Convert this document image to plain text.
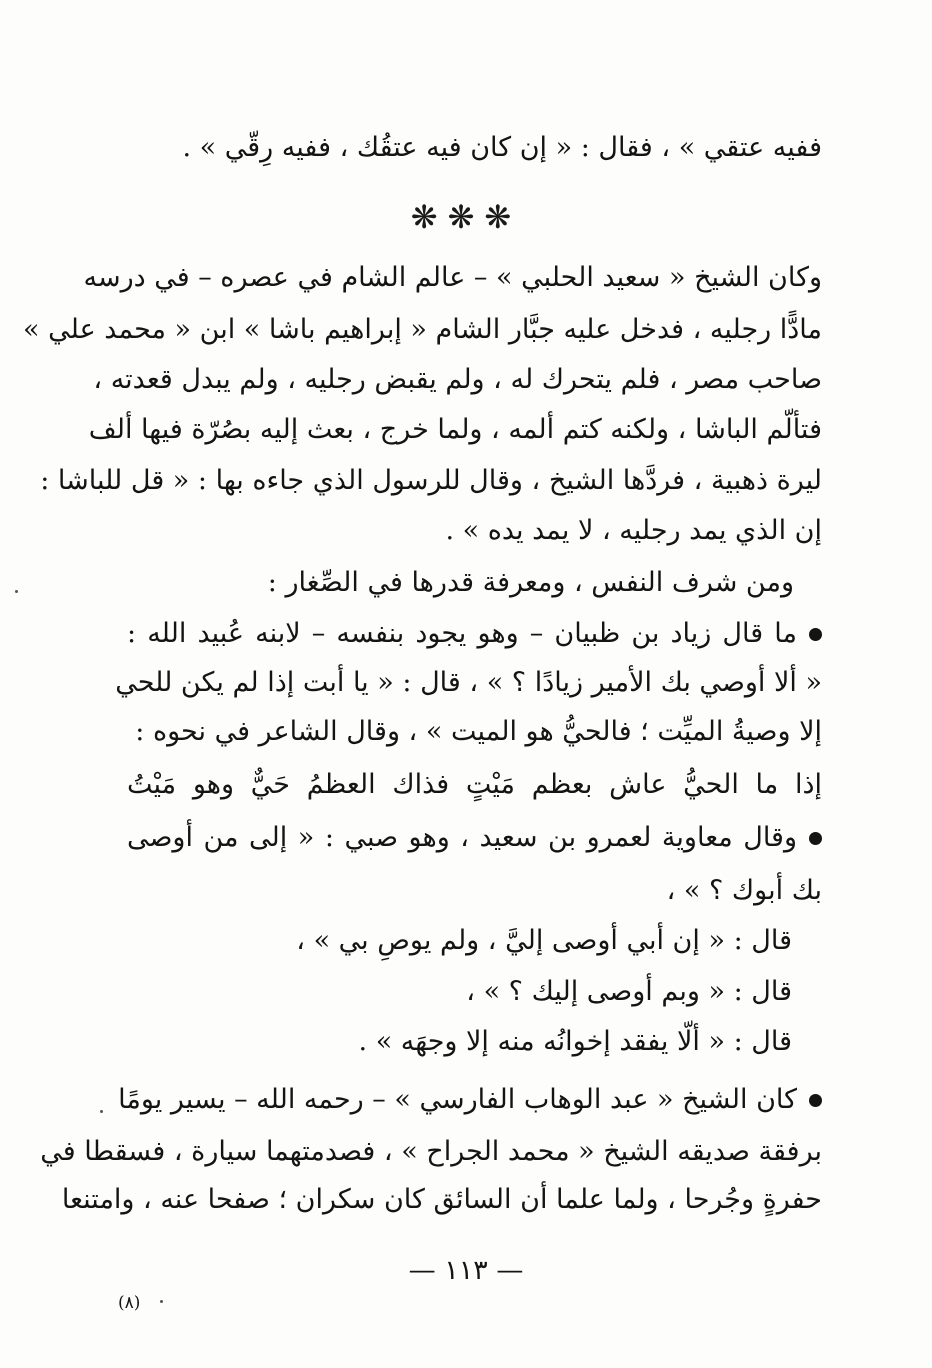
ففيه عتقي » ، فقال : « إن كان فيه عتقُك ، ففيه رِقّي » .
❋❋❋
وكان الشيخ « سعيد الحلبي » – عالم الشام في عصره – في درسه
مادًّا رجليه ، فدخل عليه جبَّار الشام « إبراهيم باشا » ابن « محمد علي »
صاحب مصر ، فلم يتحرك له ، ولم يقبض رجليه ، ولم يبدل قعدته ،
فتألّم الباشا ، ولكنه كتم ألمه ، ولما خرج ، بعث إليه بصُرّة فيها ألف
ليرة ذهبية ، فردَّها الشيخ ، وقال للرسول الذي جاءه بها : « قل للباشا :
إن الذي يمد رجليه ، لا يمد يده » .
ومن شرف النفس ، ومعرفة قدرها في الصِّغار :
ما قال زياد بن ظبيان – وهو يجود بنفسه – لابنه عُبيد الله :
« ألا أوصي بك الأمير زيادًا ؟ » ، قال : « يا أبت إذا لم يكن للحي
إلا وصيةُ الميِّت ؛ فالحيُّ هو الميت » ، وقال الشاعر في نحوه :
إذا ما الحيُّ عاش بعظم مَيْتٍ فذاك العظمُ حَيٌّ وهو مَيْتُ
وقال معاوية لعمرو بن سعيد ، وهو صبي : « إلى من أوصى
بك أبوك ؟ » ،
قال : « إن أبي أوصى إليَّ ، ولم يوصِ بي » ،
قال : « وبم أوصى إليك ؟ » ،
قال : « ألّا يفقد إخوانُه منه إلا وجهَه » .
كان الشيخ « عبد الوهاب الفارسي » – رحمه الله – يسير يومًا
برفقة صديقه الشيخ « محمد الجراح » ، فصدمتهما سيارة ، فسقطا في
حفرةٍ وجُرحا ، ولما علما أن السائق كان سكران ؛ صفحا عنه ، وامتنعا
— ١١٣ —
(٨)
